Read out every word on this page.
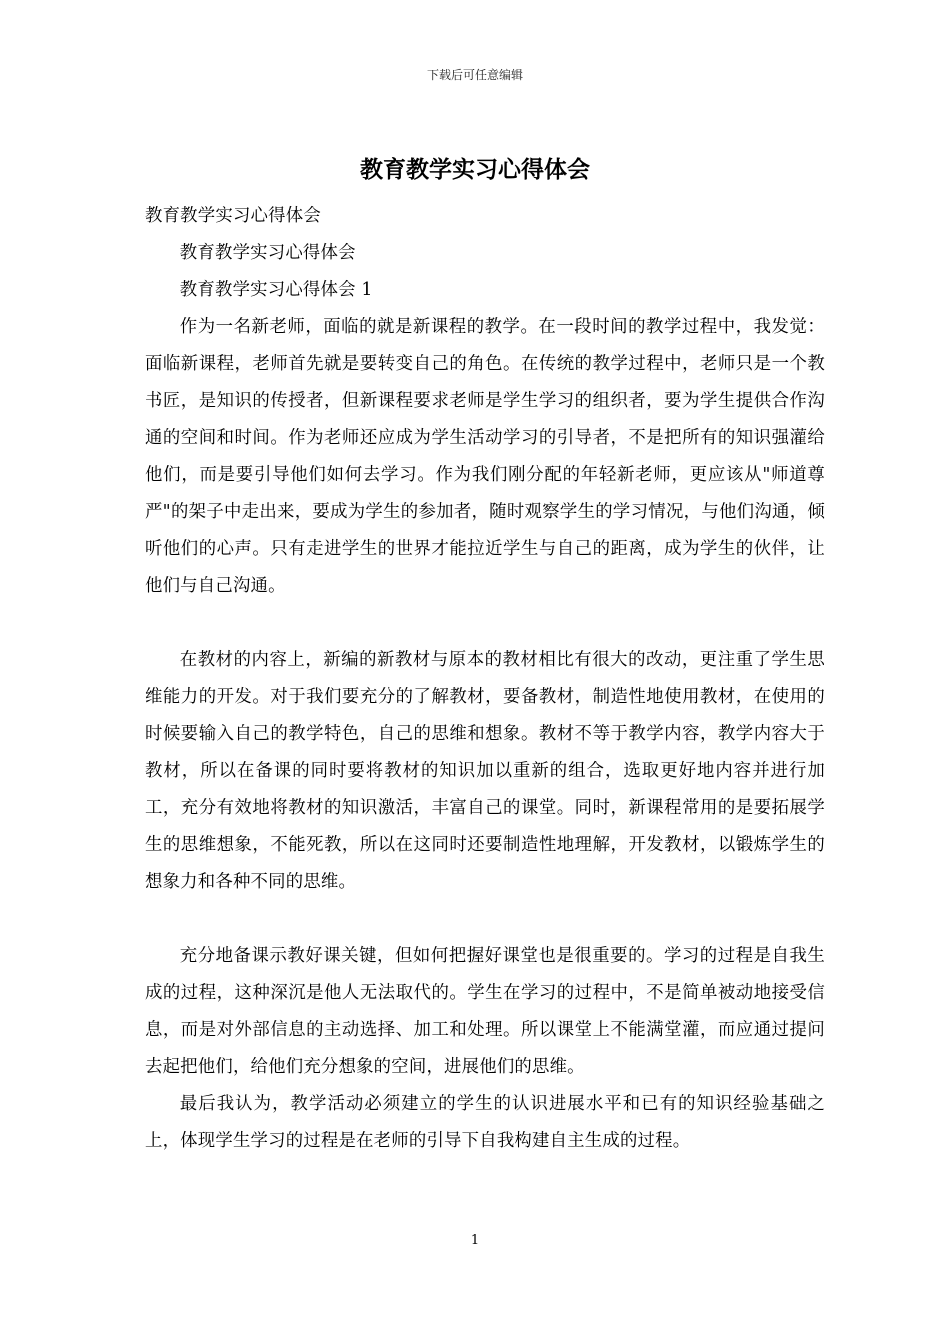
下载后可任意编辑
教育教学实习心得体会

教育教学实习心得体会

教育教学实习心得体会

教育教学实习心得体会 1

作为一名新老师，面临的就是新课程的教学。在一段时间的教学过程中，我发觉：面临新课程，老师首先就是要转变自己的角色。在传统的教学过程中，老师只是一个教书匠，是知识的传授者，但新课程要求老师是学生学习的组织者，要为学生提供合作沟通的空间和时间。作为老师还应成为学生活动学习的引导者，不是把所有的知识强灌给他们，而是要引导他们如何去学习。作为我们刚分配的年轻新老师，更应该从"师道尊严"的架子中走出来，要成为学生的参加者，随时观察学生的学习情况，与他们沟通，倾听他们的心声。只有走进学生的世界才能拉近学生与自己的距离，成为学生的伙伴，让他们与自己沟通。

在教材的内容上，新编的新教材与原本的教材相比有很大的改动，更注重了学生思维能力的开发。对于我们要充分的了解教材，要备教材，制造性地使用教材，在使用的时候要输入自己的教学特色，自己的思维和想象。教材不等于教学内容，教学内容大于教材，所以在备课的同时要将教材的知识加以重新的组合，选取更好地内容并进行加工，充分有效地将教材的知识激活，丰富自己的课堂。同时，新课程常用的是要拓展学生的思维想象，不能死教，所以在这同时还要制造性地理解，开发教材，以锻炼学生的想象力和各种不同的思维。

充分地备课示教好课关键，但如何把握好课堂也是很重要的。学习的过程是自我生成的过程，这种深沉是他人无法取代的。学生在学习的过程中，不是简单被动地接受信息，而是对外部信息的主动选择、加工和处理。所以课堂上不能满堂灌，而应通过提问去起把他们，给他们充分想象的空间，进展他们的思维。

最后我认为，教学活动必须建立的学生的认识进展水平和已有的知识经验基础之上，体现学生学习的过程是在老师的引导下自我构建自主生成的过程。

1
